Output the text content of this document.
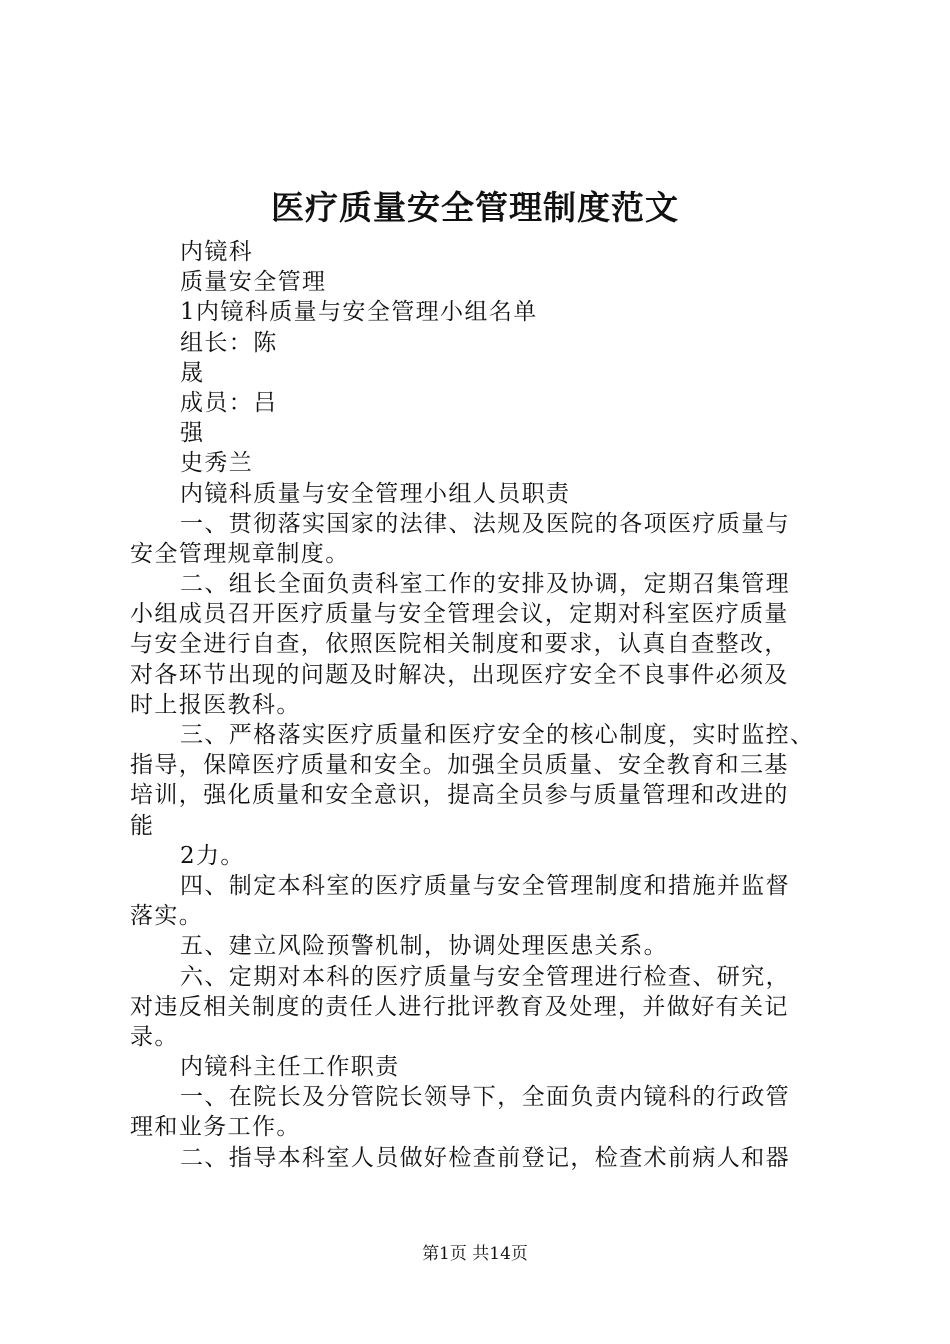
医疗质量安全管理制度范文
内镜科
质量安全管理
1内镜科质量与安全管理小组名单
组长：陈
晟
成员：吕
强
史秀兰
内镜科质量与安全管理小组人员职责
一、贯彻落实国家的法律、法规及医院的各项医疗质量与
安全管理规章制度。
二、组长全面负责科室工作的安排及协调，定期召集管理
小组成员召开医疗质量与安全管理会议，定期对科室医疗质量
与安全进行自查，依照医院相关制度和要求，认真自查整改，
对各环节出现的问题及时解决，出现医疗安全不良事件必须及
时上报医教科。
三、严格落实医疗质量和医疗安全的核心制度，实时监控、
指导，保障医疗质量和安全。加强全员质量、安全教育和三基
培训，强化质量和安全意识，提高全员参与质量管理和改进的
能
2力。
四、制定本科室的医疗质量与安全管理制度和措施并监督
落实。
五、建立风险预警机制，协调处理医患关系。
六、定期对本科的医疗质量与安全管理进行检查、研究，
对违反相关制度的责任人进行批评教育及处理，并做好有关记
录。
内镜科主任工作职责
一、在院长及分管院长领导下，全面负责内镜科的行政管
理和业务工作。
二、指导本科室人员做好检查前登记，检查术前病人和器
第1页 共14页
